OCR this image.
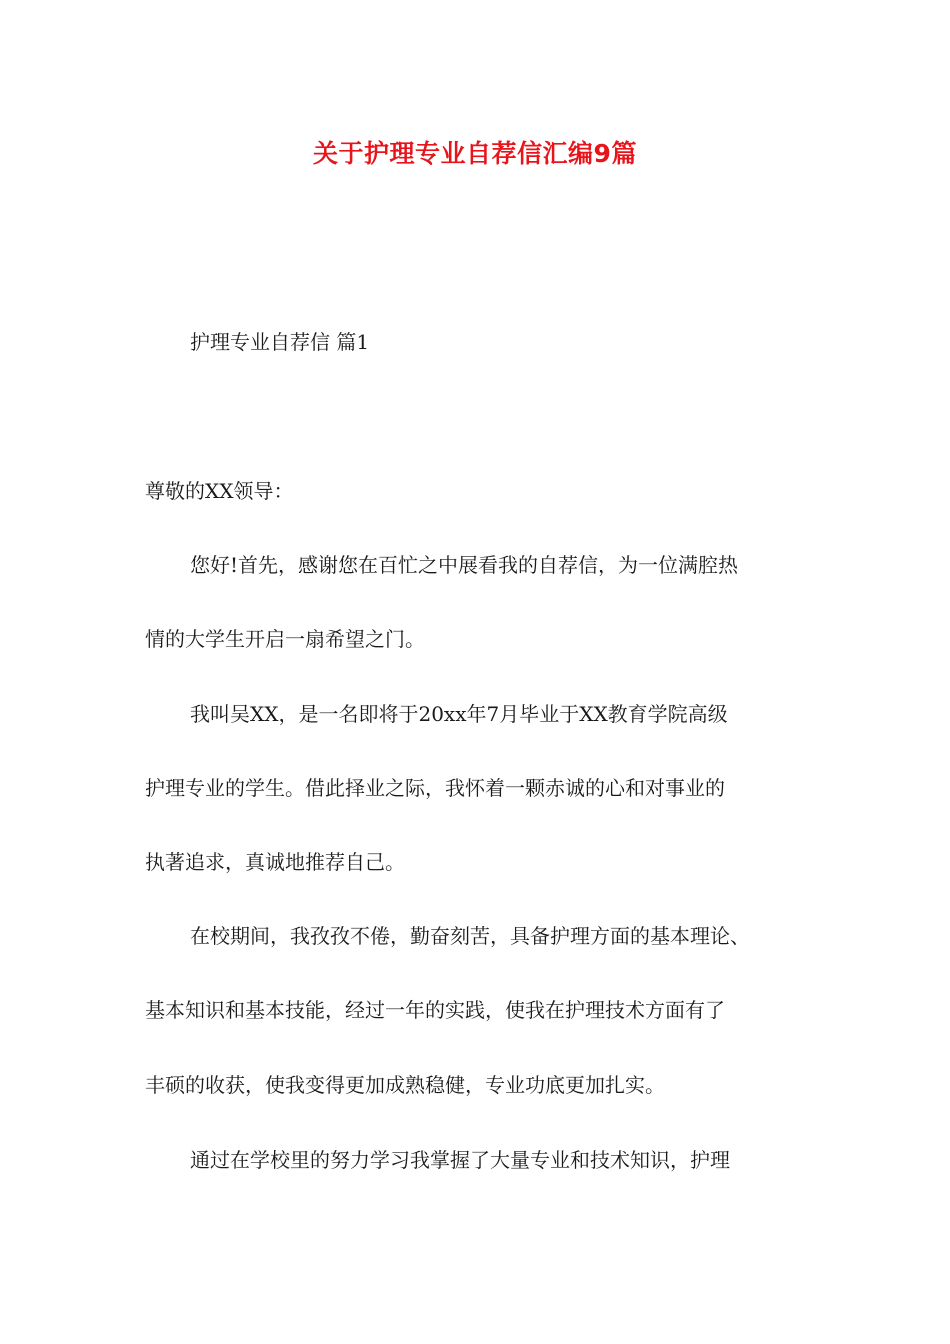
关于护理专业自荐信汇编9篇

护理专业自荐信 篇1

尊敬的XX领导：

您好!首先，感谢您在百忙之中展看我的自荐信，为一位满腔热

情的大学生开启一扇希望之门。

我叫吴XX，是一名即将于20xx年7月毕业于XX教育学院高级

护理专业的学生。借此择业之际，我怀着一颗赤诚的心和对事业的

执著追求，真诚地推荐自己。

在校期间，我孜孜不倦，勤奋刻苦，具备护理方面的基本理论、

基本知识和基本技能，经过一年的实践，使我在护理技术方面有了

丰硕的收获，使我变得更加成熟稳健，专业功底更加扎实。

通过在学校里的努力学习我掌握了大量专业和技术知识，护理
